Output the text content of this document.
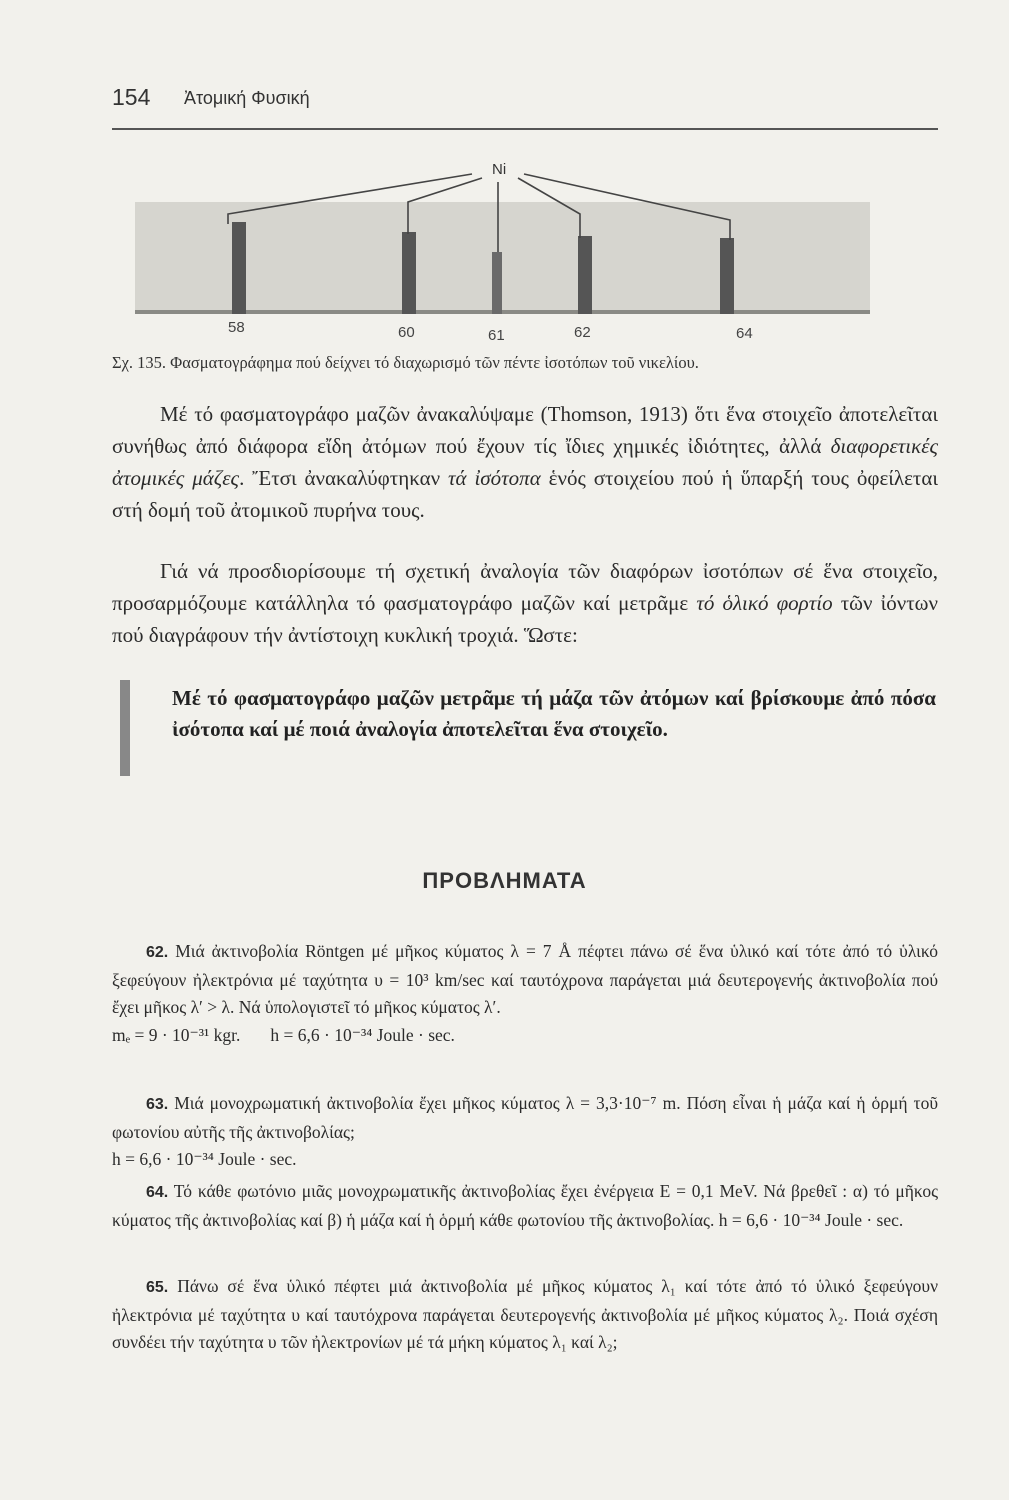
154 Ἀτομική Φυσική
Ni
58	60	61	62	64
Σχ. 135. Φασματογράφημα πού δείχνει τό διαχωρισμό τῶν πέντε ἰσοτόπων τοῦ νικελίου.
Μέ τό φασματογράφο μαζῶν ἀνακαλύψαμε (Thomson, 1913) ὅτι ἕνα στοιχεῖο ἀποτελεῖται συνήθως ἀπό διάφορα εἴδη ἀτόμων πού ἔχουν τίς ἴδιες χημικές ἰδιότητες, ἀλλά διαφορετικές ἀτομικές μάζες. Ἔτσι ἀνακαλύφτηκαν τά ἰσότοπα ἑνός στοιχείου πού ἡ ὕπαρξή τους ὀφείλεται στή δομή τοῦ ἀτομικοῦ πυρήνα τους.
Γιά νά προσδιορίσουμε τή σχετική ἀναλογία τῶν διαφόρων ἰσοτόπων σέ ἕνα στοιχεῖο, προσαρμόζουμε κατάλληλα τό φασματογράφο μαζῶν καί μετρᾶμε τό ὁλικό φορτίο τῶν ἰόντων πού διαγράφουν τήν ἀντίστοιχη κυκλική τροχιά. Ὥστε:
Μέ τό φασματογράφο μαζῶν μετρᾶμε τή μάζα τῶν ἀτόμων καί βρίσκουμε ἀπό πόσα ἰσότοπα καί μέ ποιά ἀναλογία ἀποτελεῖται ἕνα στοιχεῖο.
ΠΡΟΒΛΗΜΑΤΑ
62. Μιά ἀκτινοβολία Röntgen μέ μῆκος κύματος λ = 7 Å πέφτει πάνω σέ ἕνα ὑλικό καί τότε ἀπό τό ὑλικό ξεφεύγουν ἠλεκτρόνια μέ ταχύτητα υ = 10³ km/sec καί ταυτόχρονα παράγεται μιά δευτερογενής ἀκτινοβολία πού ἔχει μῆκος λ′ > λ. Νά ὑπολογιστεῖ τό μῆκος κύματος λ′.
mₑ = 9 · 10⁻³¹ kgr. h = 6,6 · 10⁻³⁴ Joule · sec.
63. Μιά μονοχρωματική ἀκτινοβολία ἔχει μῆκος κύματος λ = 3,3·10⁻⁷ m. Πόση εἶναι ἡ μάζα καί ἡ ὁρμή τοῦ φωτονίου αὐτῆς τῆς ἀκτινοβολίας;
h = 6,6 · 10⁻³⁴ Joule · sec.
64. Τό κάθε φωτόνιο μιᾶς μονοχρωματικῆς ἀκτινοβολίας ἔχει ἐνέργεια Ε = 0,1 MeV. Νά βρεθεῖ : α) τό μῆκος κύματος τῆς ἀκτινοβολίας καί β) ἡ μάζα καί ἡ ὁρμή κάθε φωτονίου τῆς ἀκτινοβολίας. h = 6,6 · 10⁻³⁴ Joule · sec.
65. Πάνω σέ ἕνα ὑλικό πέφτει μιά ἀκτινοβολία μέ μῆκος κύματος λ₁ καί τότε ἀπό τό ὑλικό ξεφεύγουν ἠλεκτρόνια μέ ταχύτητα υ καί ταυτόχρονα παράγεται δευτερογενής ἀκτινοβολία μέ μῆκος κύματος λ₂. Ποιά σχέση συνδέει τήν ταχύτητα υ τῶν ἠλεκτρονίων μέ τά μήκη κύματος λ₁ καί λ₂;
